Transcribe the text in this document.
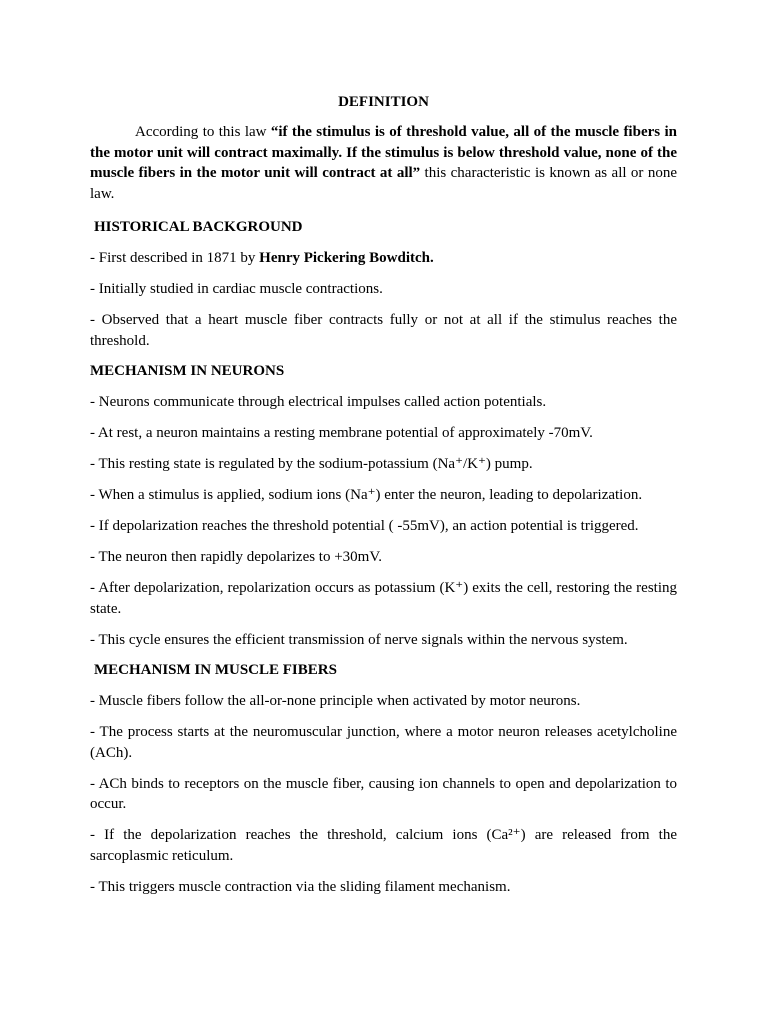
DEFINITION

According to this law “if the stimulus is of threshold value, all of the muscle fibers in the motor unit will contract maximally. If the stimulus is below threshold value, none of the muscle fibers in the motor unit will contract at all” this characteristic is known as all or none law.

HISTORICAL BACKGROUND

- First described in 1871 by Henry Pickering Bowditch.

- Initially studied in cardiac muscle contractions.

- Observed that a heart muscle fiber contracts fully or not at all if the stimulus reaches the threshold.

MECHANISM IN NEURONS

- Neurons communicate through electrical impulses called action potentials.

- At rest, a neuron maintains a resting membrane potential of approximately -70mV.

- This resting state is regulated by the sodium-potassium (Na⁺/K⁺) pump.

- When a stimulus is applied, sodium ions (Na⁺) enter the neuron, leading to depolarization.

- If depolarization reaches the threshold potential ( -55mV), an action potential is triggered.

- The neuron then rapidly depolarizes to +30mV.

- After depolarization, repolarization occurs as potassium (K⁺) exits the cell, restoring the resting state.

- This cycle ensures the efficient transmission of nerve signals within the nervous system.

MECHANISM IN MUSCLE FIBERS

- Muscle fibers follow the all-or-none principle when activated by motor neurons.

- The process starts at the neuromuscular junction, where a motor neuron releases acetylcholine (ACh).

- ACh binds to receptors on the muscle fiber, causing ion channels to open and depolarization to occur.

- If the depolarization reaches the threshold, calcium ions (Ca²⁺) are released from the sarcoplasmic reticulum.

- This triggers muscle contraction via the sliding filament mechanism.
